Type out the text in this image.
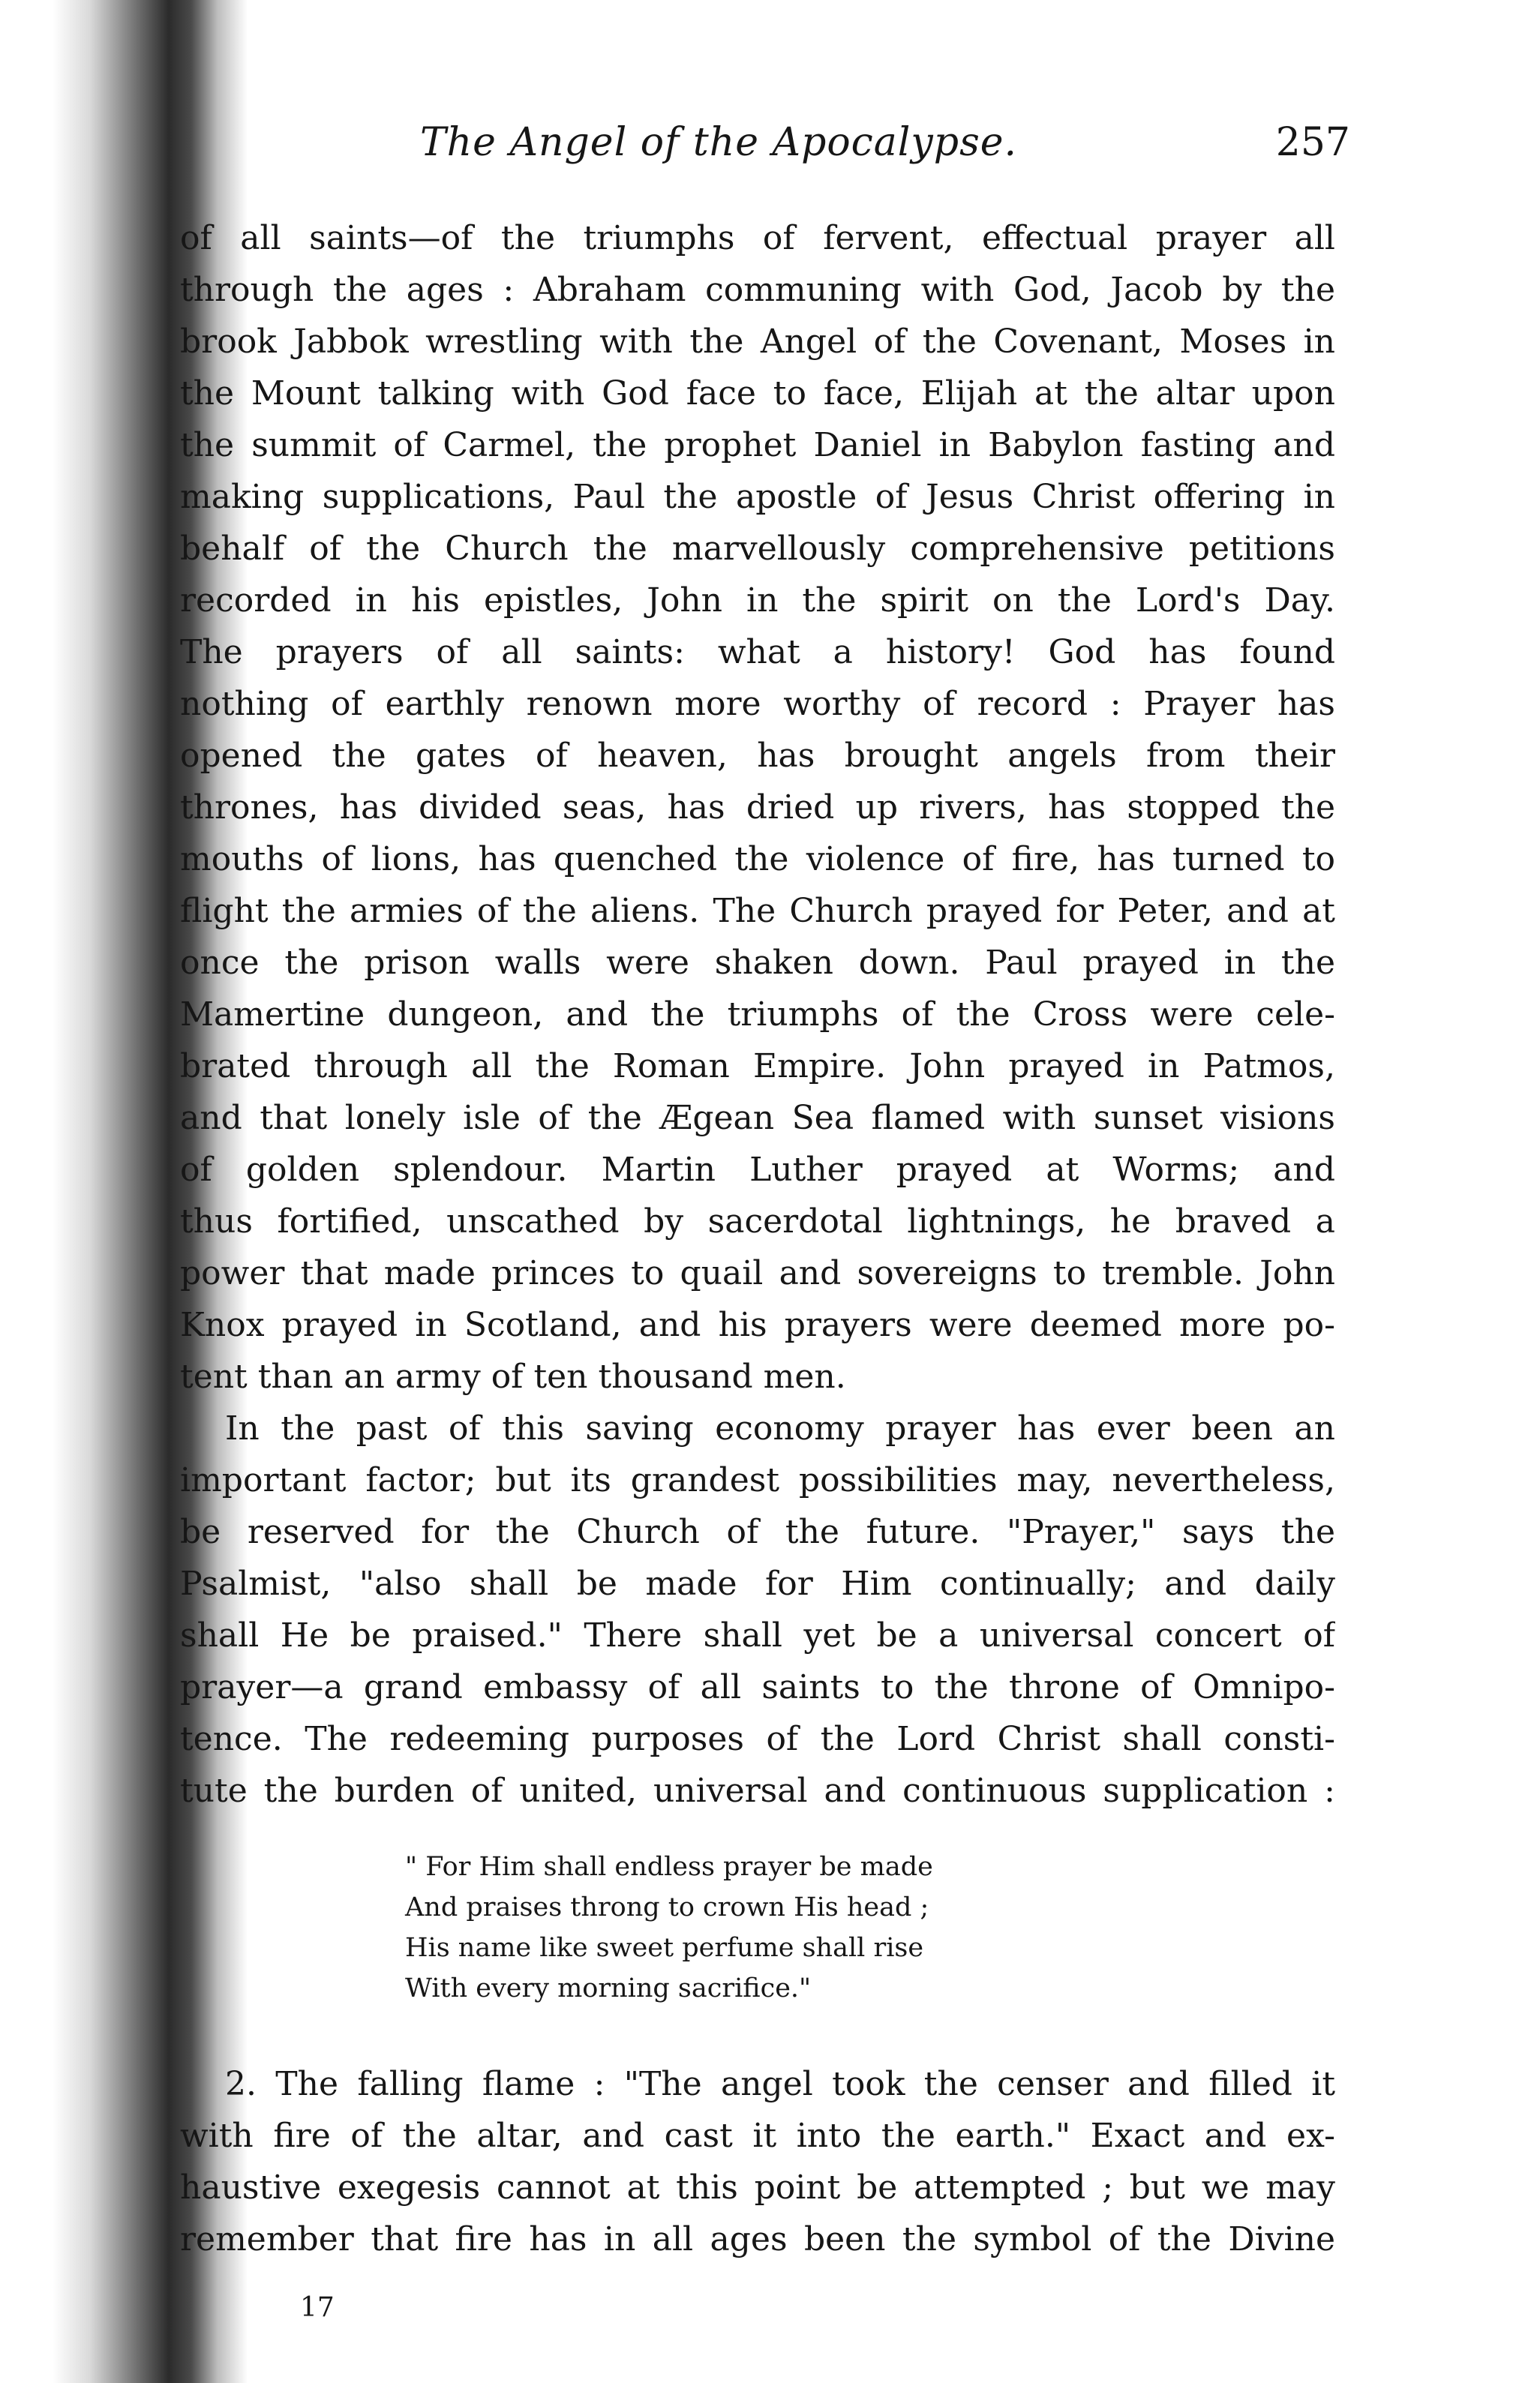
The Angel of the Apocalypse.	257
of all saints—of the triumphs of fervent, effectual prayer all
through the ages : Abraham communing with God, Jacob by the
brook Jabbok wrestling with the Angel of the Covenant, Moses in
the Mount talking with God face to face, Elijah at the altar upon
the summit of Carmel, the prophet Daniel in Babylon fasting and
making supplications, Paul the apostle of Jesus Christ offering in
behalf of the Church the marvellously comprehensive petitions
recorded in his epistles, John in the spirit on the Lord's Day.
The prayers of all saints: what a history! God has found
nothing of earthly renown more worthy of record : Prayer has
opened the gates of heaven, has brought angels from their
thrones, has divided seas, has dried up rivers, has stopped the
mouths of lions, has quenched the violence of fire, has turned to
flight the armies of the aliens. The Church prayed for Peter, and at
once the prison walls were shaken down. Paul prayed in the
Mamertine dungeon, and the triumphs of the Cross were cele-
brated through all the Roman Empire. John prayed in Patmos,
and that lonely isle of the Ægean Sea flamed with sunset visions
of golden splendour. Martin Luther prayed at Worms; and
thus fortified, unscathed by sacerdotal lightnings, he braved a
power that made princes to quail and sovereigns to tremble. John
Knox prayed in Scotland, and his prayers were deemed more po-
tent than an army of ten thousand men.
In the past of this saving economy prayer has ever been an
important factor; but its grandest possibilities may, nevertheless,
be reserved for the Church of the future. "Prayer," says the
Psalmist, "also shall be made for Him continually; and daily
shall He be praised." There shall yet be a universal concert of
prayer—a grand embassy of all saints to the throne of Omnipo-
tence. The redeeming purposes of the Lord Christ shall consti-
tute the burden of united, universal and continuous supplication :
" For Him shall endless prayer be made
And praises throng to crown His head ;
His name like sweet perfume shall rise
With every morning sacrifice."
2. The falling flame : "The angel took the censer and filled it
with fire of the altar, and cast it into the earth." Exact and ex-
haustive exegesis cannot at this point be attempted ; but we may
remember that fire has in all ages been the symbol of the Divine
17
